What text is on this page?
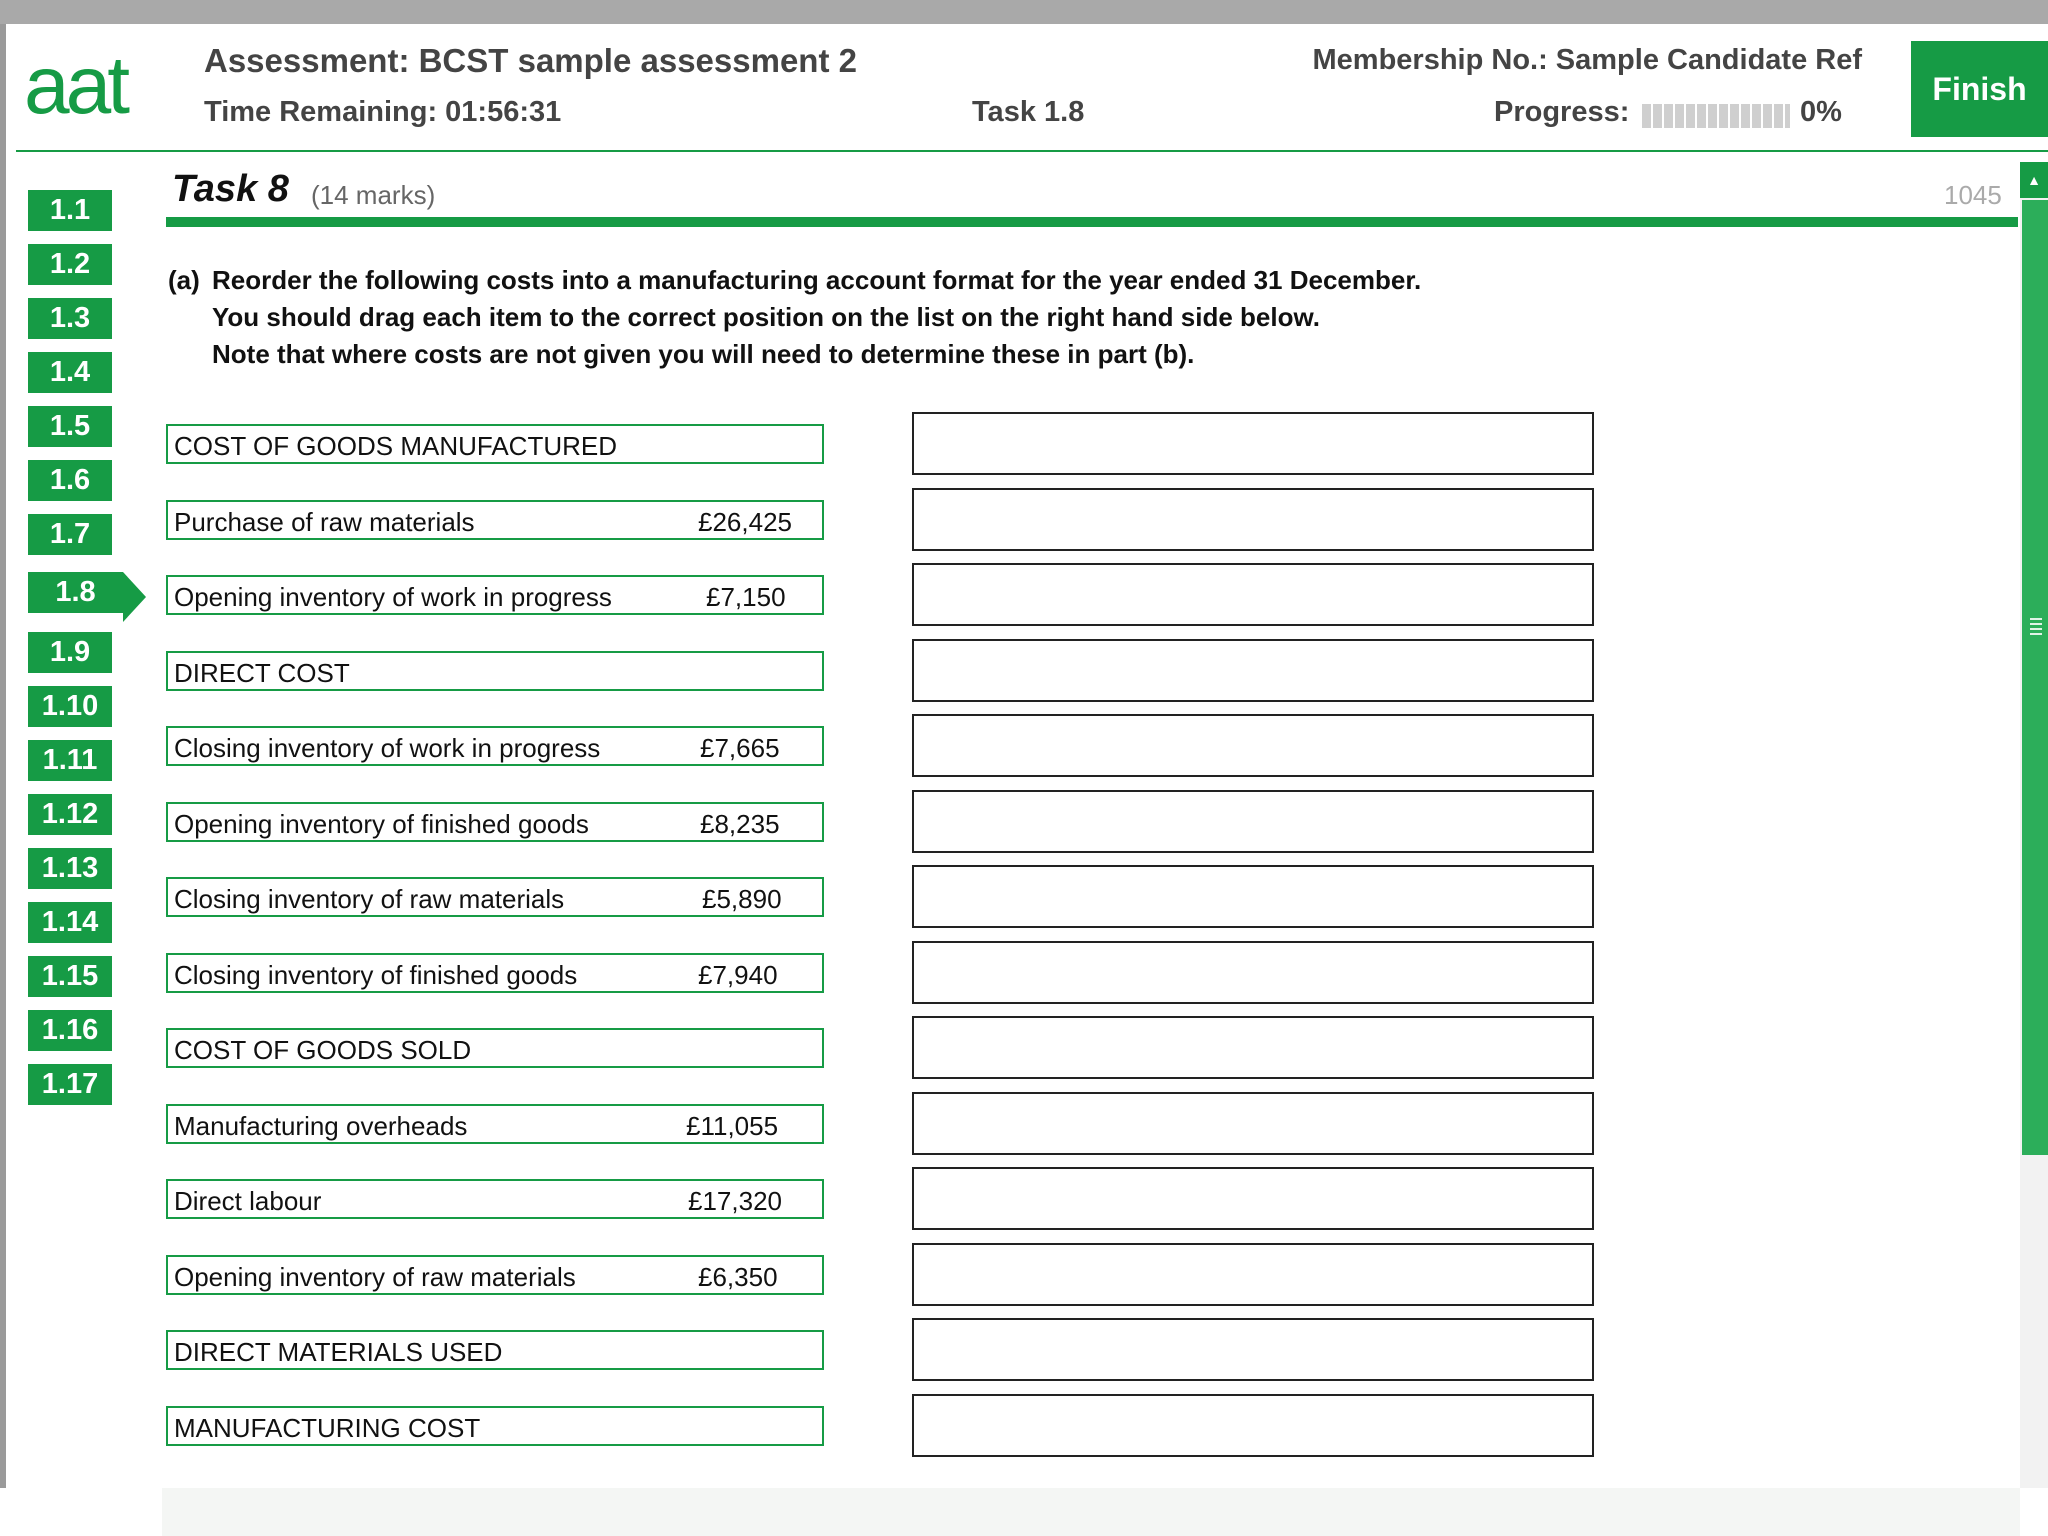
aat	Assessment: BCST sample assessment 2
Time Remaining: 01:56:31	Task 1.8
Membership No.: Sample Candidate Ref
Progress:	0%
Finish
1.1
1.2
1.3
1.4
1.5
1.6
1.7
1.8
1.9
1.10
1.11
1.12
1.13
1.14
1.15
1.16
1.17
Task 8 (14 marks)	1045
(a) Reorder the following costs into a manufacturing account format for the year ended 31 December.
You should drag each item to the correct position on the list on the right hand side below.
Note that where costs are not given you will need to determine these in part (b).
COST OF GOODS MANUFACTURED
Purchase of raw materials	£26,425
Opening inventory of work in progress	£7,150
DIRECT COST
Closing inventory of work in progress	£7,665
Opening inventory of finished goods	£8,235
Closing inventory of raw materials	£5,890
Closing inventory of finished goods	£7,940
COST OF GOODS SOLD
Manufacturing overheads	£11,055
Direct labour	£17,320
Opening inventory of raw materials	£6,350
DIRECT MATERIALS USED
MANUFACTURING COST
▲
